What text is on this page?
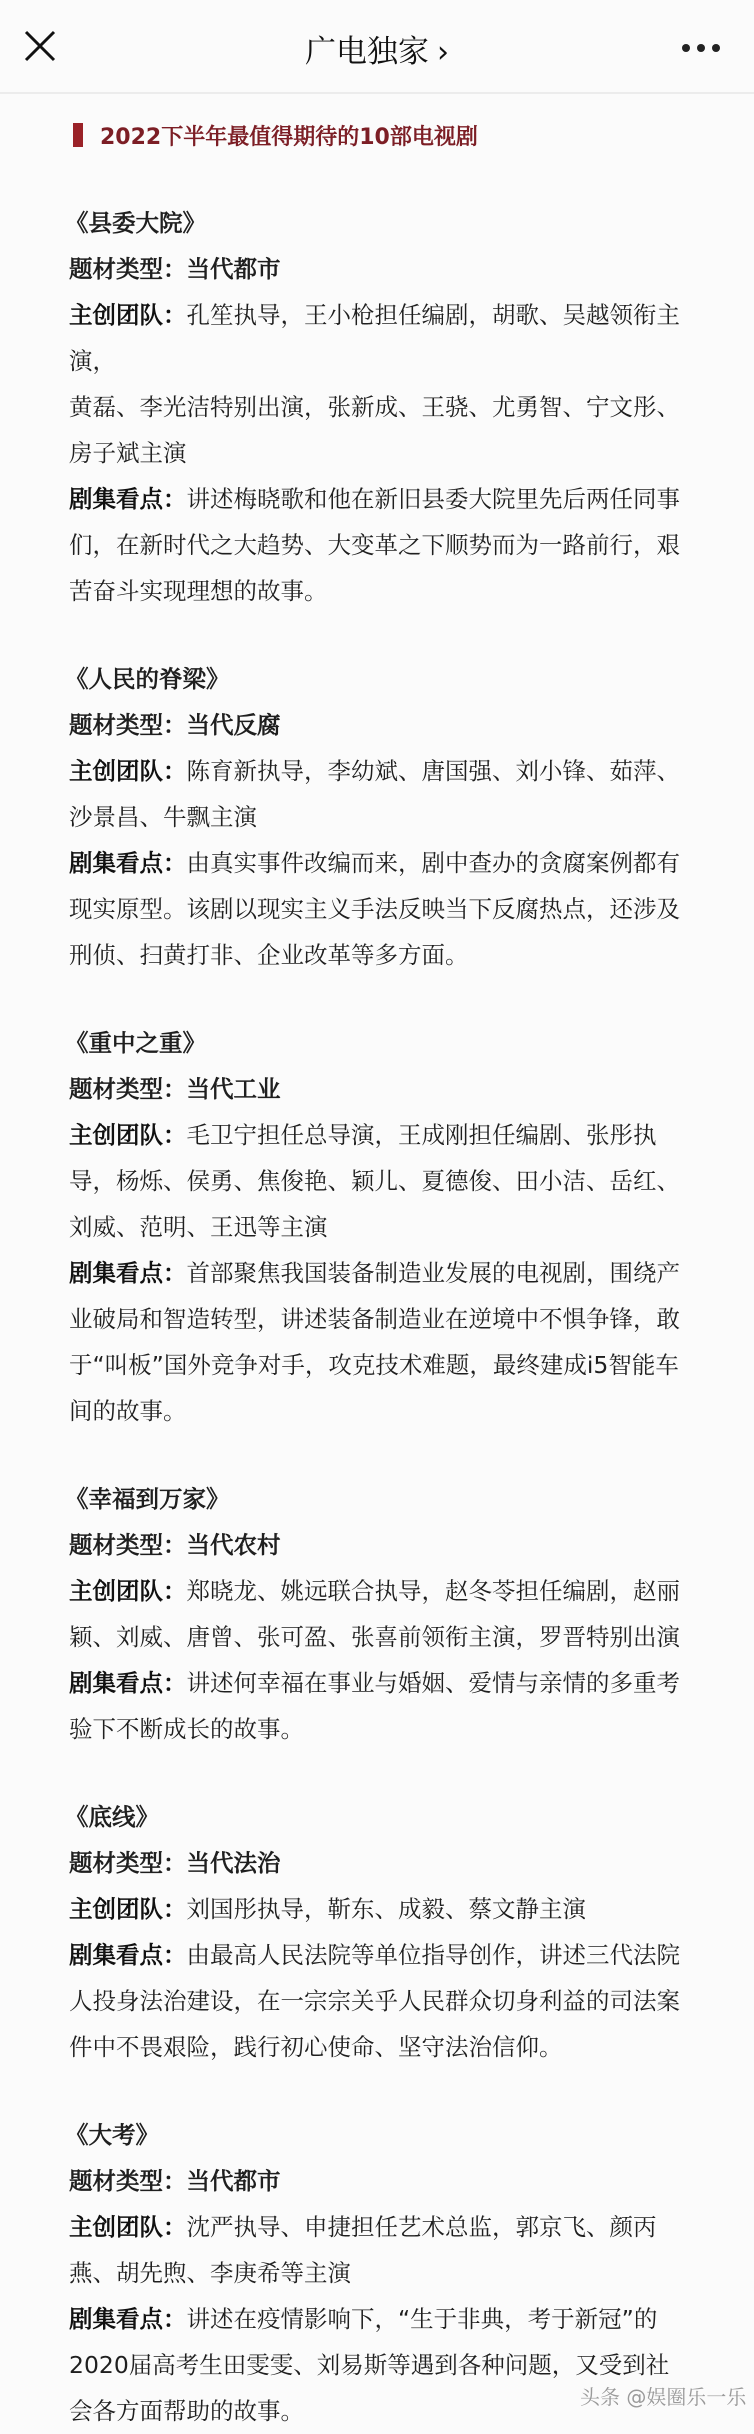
广电独家 ›
2022下半年最值得期待的10部电视剧
《县委大院》
题材类型：当代都市
主创团队：孔笙执导，王小枪担任编剧，胡歌、吴越领衔主
演，
黄磊、李光洁特别出演，张新成、王骁、尤勇智、宁文彤、
房子斌主演
剧集看点：讲述梅晓歌和他在新旧县委大院里先后两任同事们，在新时代之大趋势、大变革之下顺势而为一路前行，艰苦奋斗实现理想的故事。
《人民的脊梁》
题材类型：当代反腐
主创团队：陈育新执导，李幼斌、唐国强、刘小锋、茹萍、
沙景昌、牛飘主演
剧集看点：由真实事件改编而来，剧中查办的贪腐案例都有现实原型。该剧以现实主义手法反映当下反腐热点，还涉及刑侦、扫黄打非、企业改革等多方面。
《重中之重》
题材类型：当代工业
主创团队：毛卫宁担任总导演，王成刚担任编剧、张彤执
导，杨烁、侯勇、焦俊艳、颖儿、夏德俊、田小洁、岳红、
刘威、范明、王迅等主演
剧集看点：首部聚焦我国装备制造业发展的电视剧，围绕产业破局和智造转型，讲述装备制造业在逆境中不惧争锋，敢于“叫板”国外竞争对手，攻克技术难题，最终建成i5智能车间的故事。
《幸福到万家》
题材类型：当代农村
主创团队：郑晓龙、姚远联合执导，赵冬苓担任编剧，赵丽
颖、刘威、唐曾、张可盈、张喜前领衔主演，罗晋特别出演
剧集看点：讲述何幸福在事业与婚姻、爱情与亲情的多重考验下不断成长的故事。
《底线》
题材类型：当代法治
主创团队：刘国彤执导，靳东、成毅、蔡文静主演
剧集看点：由最高人民法院等单位指导创作，讲述三代法院人投身法治建设，在一宗宗关乎人民群众切身利益的司法案件中不畏艰险，践行初心使命、坚守法治信仰。
《大考》
题材类型：当代都市
主创团队：沈严执导、申捷担任艺术总监，郭京飞、颜丙
燕、胡先煦、李庚希等主演
剧集看点：讲述在疫情影响下，“生于非典，考于新冠”的2020届高考生田雯雯、刘易斯等遇到各种问题，又受到社会各方面帮助的故事。	头条 @娱圈乐一乐
